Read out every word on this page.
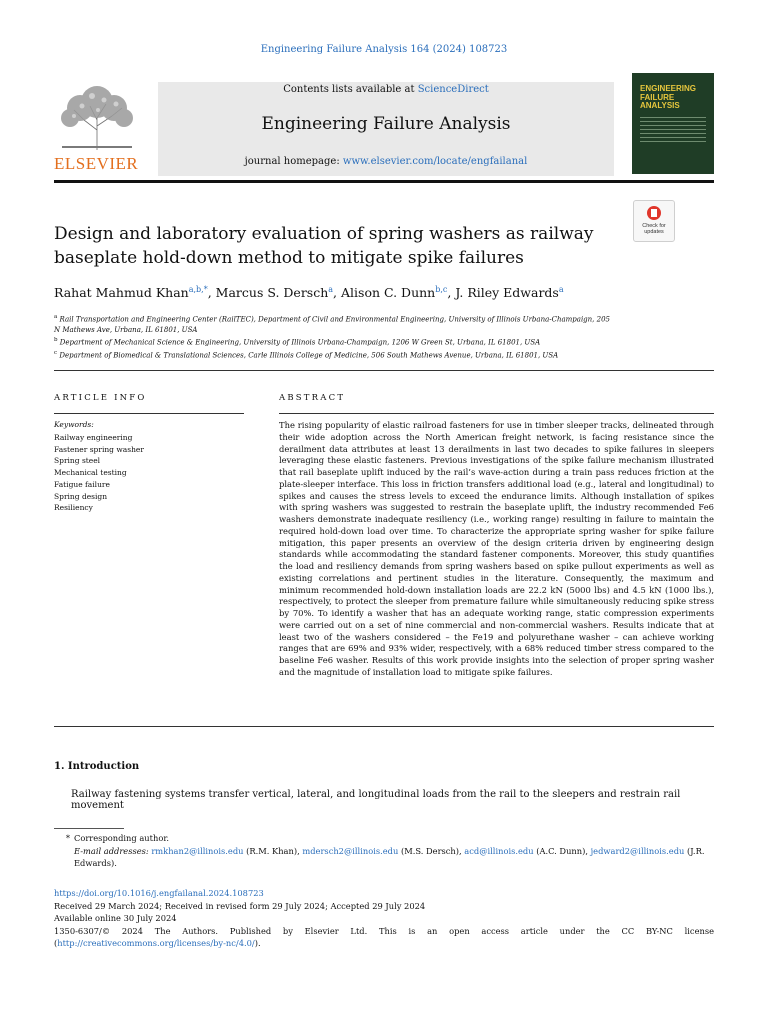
Engineering Failure Analysis 164 (2024) 108723
ELSEVIER
Contents lists available at ScienceDirect
Engineering Failure Analysis
journal homepage: www.elsevier.com/locate/engfailanal
ENGINEERING FAILURE ANALYSIS
Design and laboratory evaluation of spring washers as railway baseplate hold-down method to mitigate spike failures
Check for updates
Rahat Mahmud Khan$^{a,b,*}$, Marcus S. Dersch$^a$, Alison C. Dunn$^{b,c}$, J. Riley Edwards$^a$
$^a$ Rail Transportation and Engineering Center (RailTEC), Department of Civil and Environmental Engineering, University of Illinois Urbana-Champaign, 205 N Mathews Ave, Urbana, IL 61801, USA
$^b$ Department of Mechanical Science & Engineering, University of Illinois Urbana-Champaign, 1206 W Green St, Urbana, IL 61801, USA
$^c$ Department of Biomedical & Translational Sciences, Carle Illinois College of Medicine, 506 South Mathews Avenue, Urbana, IL 61801, USA
ARTICLE INFO	ABSTRACT
Keywords:
Railway engineering
Fastener spring washer
Spring steel
Mechanical testing
Fatigue failure
Spring design
Resiliency
The rising popularity of elastic railroad fasteners for use in timber sleeper tracks, delineated through their wide adoption across the North American freight network, is facing resistance since the derailment data attributes at least 13 derailments in last two decades to spike failures in sleepers leveraging these elastic fasteners. Previous investigations of the spike failure mechanism illustrated that rail baseplate uplift induced by the rail’s wave-action during a train pass reduces friction at the plate-sleeper interface. This loss in friction transfers additional load (e.g., lateral and longitudinal) to spikes and causes the stress levels to exceed the endurance limits. Although installation of spikes with spring washers was suggested to restrain the baseplate uplift, the industry recommended Fe6 washers demonstrate inadequate resiliency (i.e., working range) resulting in failure to maintain the required hold-down load over time. To characterize the appropriate spring washer for spike failure mitigation, this paper presents an overview of the design criteria driven by engineering design standards while accommodating the standard fastener components. Moreover, this study quantifies the load and resiliency demands from spring washers based on spike pullout experiments as well as existing correlations and pertinent studies in the literature. Consequently, the maximum and minimum recommended hold-down installation loads are 22.2 kN (5000 lbs) and 4.5 kN (1000 lbs.), respectively, to protect the sleeper from premature failure while simultaneously reducing spike stress by 70%. To identify a washer that has an adequate working range, static compression experiments were carried out on a set of nine commercial and non-commercial washers. Results indicate that at least two of the washers considered – the Fe19 and polyurethane washer – can achieve working ranges that are 69% and 93% wider, respectively, with a 68% reduced timber stress compared to the baseline Fe6 washer. Results of this work provide insights into the selection of proper spring washer and the magnitude of installation load to mitigate spike failures.
1. Introduction
Railway fastening systems transfer vertical, lateral, and longitudinal loads from the rail to the sleepers and restrain rail movement
* Corresponding author.
E-mail addresses: rmkhan2@illinois.edu (R.M. Khan), mdersch2@illinois.edu (M.S. Dersch), acd@illinois.edu (A.C. Dunn), jedward2@illinois.edu (J.R. Edwards).
https://doi.org/10.1016/j.engfailanal.2024.108723
Received 29 March 2024; Received in revised form 29 July 2024; Accepted 29 July 2024
Available online 30 July 2024
1350-6307/© 2024 The Authors. Published by Elsevier Ltd. This is an open access article under the CC BY-NC license (http://creativecommons.org/licenses/by-nc/4.0/).
